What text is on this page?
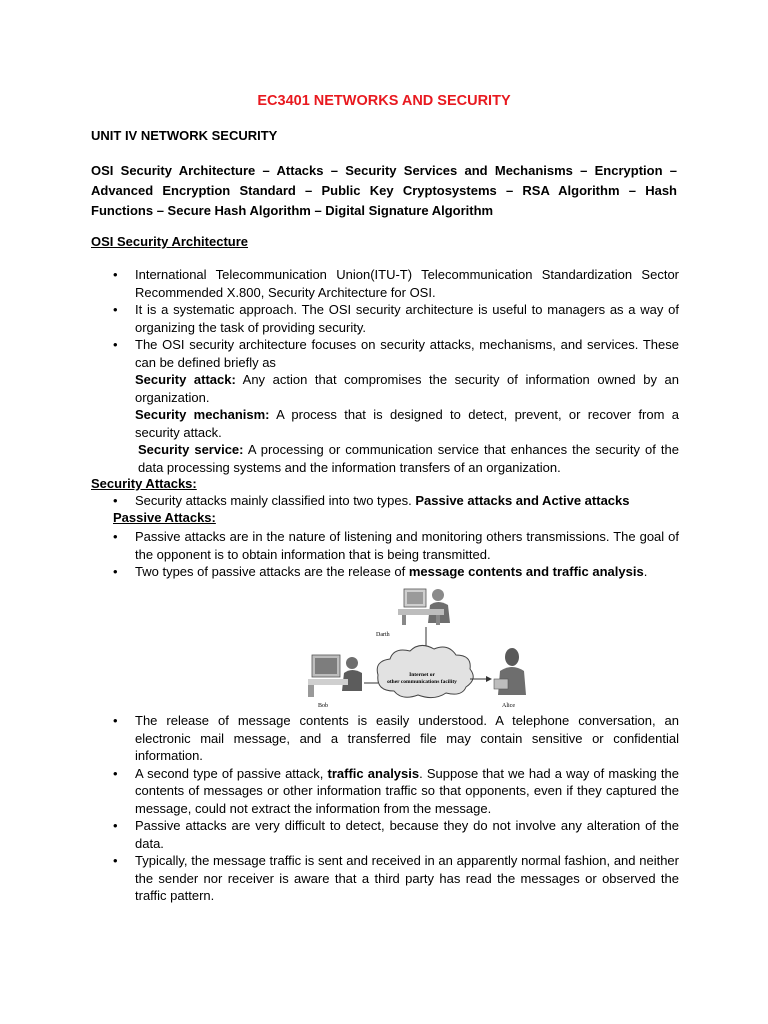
EC3401 NETWORKS AND SECURITY
UNIT IV NETWORK SECURITY
OSI Security Architecture – Attacks – Security Services and Mechanisms – Encryption –Advanced Encryption Standard – Public Key Cryptosystems – RSA Algorithm – Hash Functions – Secure Hash Algorithm – Digital Signature Algorithm
OSI Security Architecture
• International Telecommunication Union(ITU-T) Telecommunication Standardization Sector Recommended X.800, Security Architecture for OSI.
• It is a systematic approach. The OSI security architecture is useful to managers as a way of organizing the task of providing security.
• The OSI security architecture focuses on security attacks, mechanisms, and services. These can be defined briefly as
Security attack: Any action that compromises the security of information owned by an organization.
Security mechanism: A process that is designed to detect, prevent, or recover from a security attack.
Security service: A processing or communication service that enhances the security of the data processing systems and the information transfers of an organization.
Security Attacks:
• Security attacks mainly classified into two types. Passive attacks and Active attacks
Passive Attacks:
• Passive attacks are in the nature of listening and monitoring others transmissions. The goal of the opponent is to obtain information that is being transmitted.
• Two types of passive attacks are the release of message contents and traffic analysis.
Darth
Internet or
other communications facility
Bob	Alice
• The release of message contents is easily understood. A telephone conversation, an electronic mail message, and a transferred file may contain sensitive or confidential information.
• A second type of passive attack, traffic analysis. Suppose that we had a way of masking the contents of messages or other information traffic so that opponents, even if they captured the message, could not extract the information from the message.
• Passive attacks are very difficult to detect, because they do not involve any alteration of the data.
• Typically, the message traffic is sent and received in an apparently normal fashion, and neither the sender nor receiver is aware that a third party has read the messages or observed the traffic pattern.
